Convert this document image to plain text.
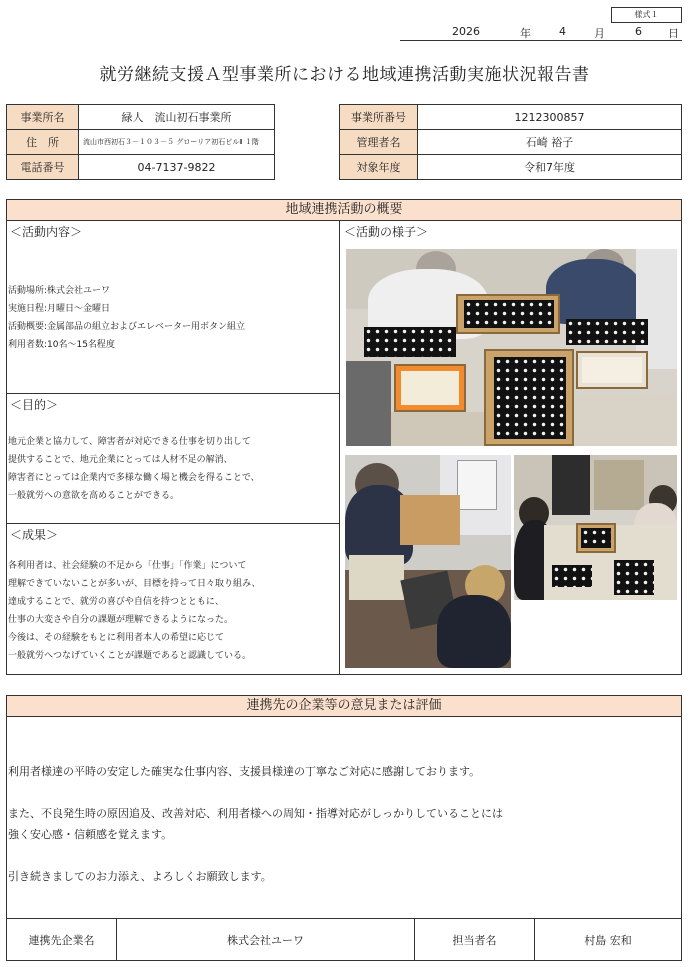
様式１
2026	年	4	月	6 日
就労継続支援Ａ型事業所における地域連携活動実施状況報告書
事業所名	緑人　流山初石事業所
住　所	流山市西初石３－１０３－５ グローリア初石ビルⅡ １階
電話番号	04-7137-9822
事業所番号	1212300857
管理者名	石崎 裕子
対象年度	令和7年度
地域連携活動の概要
＜活動内容＞
活動場所:株式会社ユーワ
実施日程:月曜日～金曜日
活動概要:金属部品の組立およびエレベーター用ボタン組立
利用者数:10名～15名程度
＜目的＞
地元企業と協力して、障害者が対応できる仕事を切り出して
提供することで、地元企業にとっては人材不足の解消、
障害者にとっては企業内で多様な働く場と機会を得ることで、
一般就労への意欲を高めることができる。
＜成果＞
各利用者は、社会経験の不足から「仕事」「作業」について
理解できていないことが多いが、目標を持って日々取り組み、
達成することで、就労の喜びや自信を持つとともに、
仕事の大変さや自分の課題が理解できるようになった。
今後は、その経験をもとに利用者本人の希望に応じて
一般就労へつなげていくことが課題であると認識している。
＜活動の様子＞
連携先の企業等の意見または評価
利用者様達の平時の安定した確実な仕事内容、支援員様達の丁寧なご対応に感謝しております。
また、不良発生時の原因追及、改善対応、利用者様への周知・指導対応がしっかりしていることには
強く安心感・信頼感を覚えます。
引き続きましてのお力添え、よろしくお願致します。
連携先企業名	株式会社ユーワ	担当者名	村島 宏和
